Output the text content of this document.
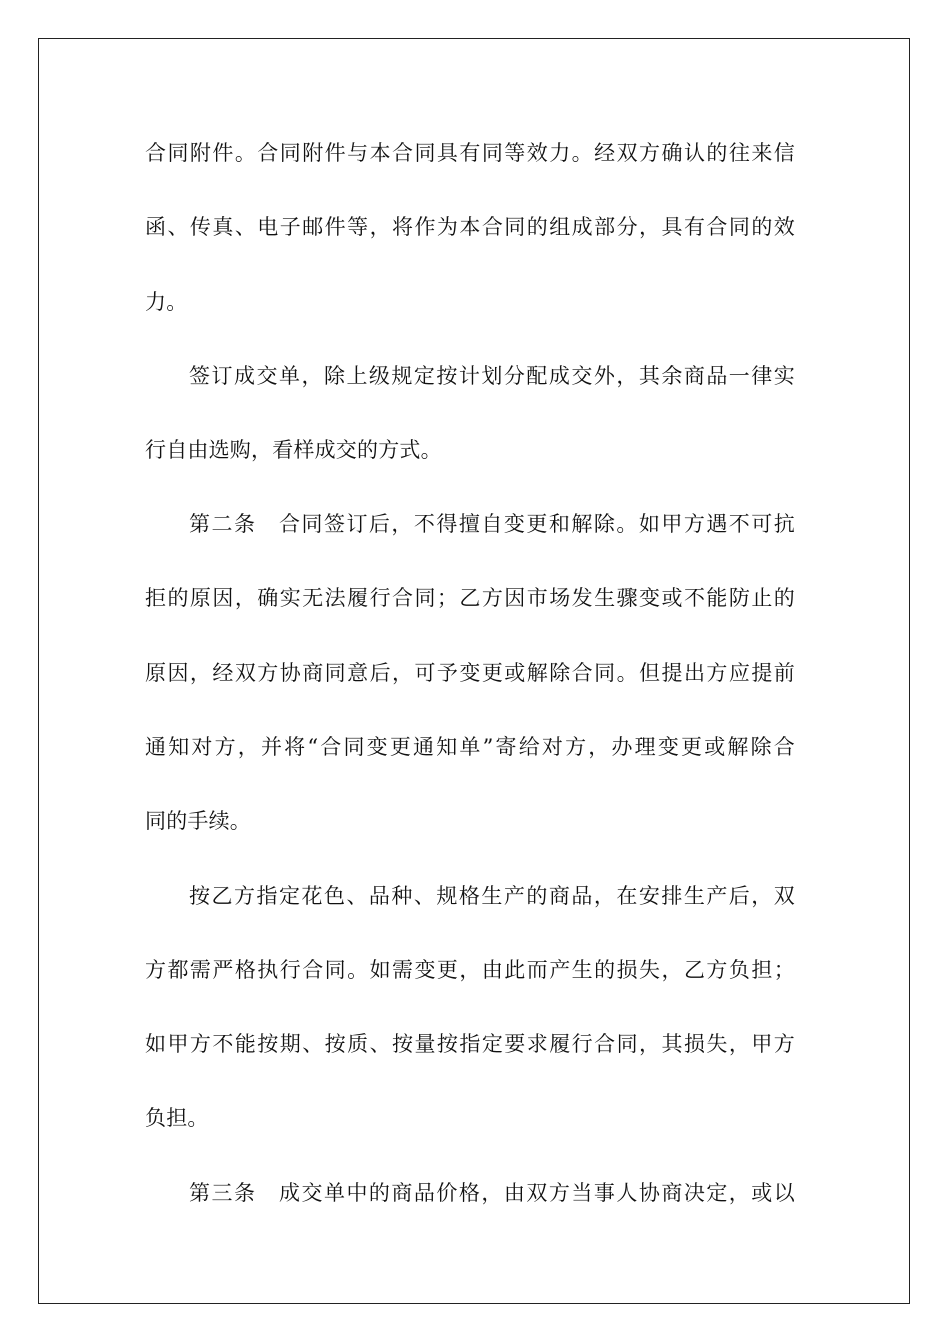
合同附件。合同附件与本合同具有同等效力。经双方确认的往来信
函、传真、电子邮件等，将作为本合同的组成部分，具有合同的效
力。
签订成交单，除上级规定按计划分配成交外，其余商品一律实
行自由选购，看样成交的方式。
第二条　合同签订后，不得擅自变更和解除。如甲方遇不可抗
拒的原因，确实无法履行合同；乙方因市场发生骤变或不能防止的
原因，经双方协商同意后，可予变更或解除合同。但提出方应提前
通知对方，并将“合同变更通知单”寄给对方，办理变更或解除合
同的手续。
按乙方指定花色、品种、规格生产的商品，在安排生产后，双
方都需严格执行合同。如需变更，由此而产生的损失，乙方负担；
如甲方不能按期、按质、按量按指定要求履行合同，其损失，甲方
负担。
第三条　成交单中的商品价格，由双方当事人协商决定，或以
